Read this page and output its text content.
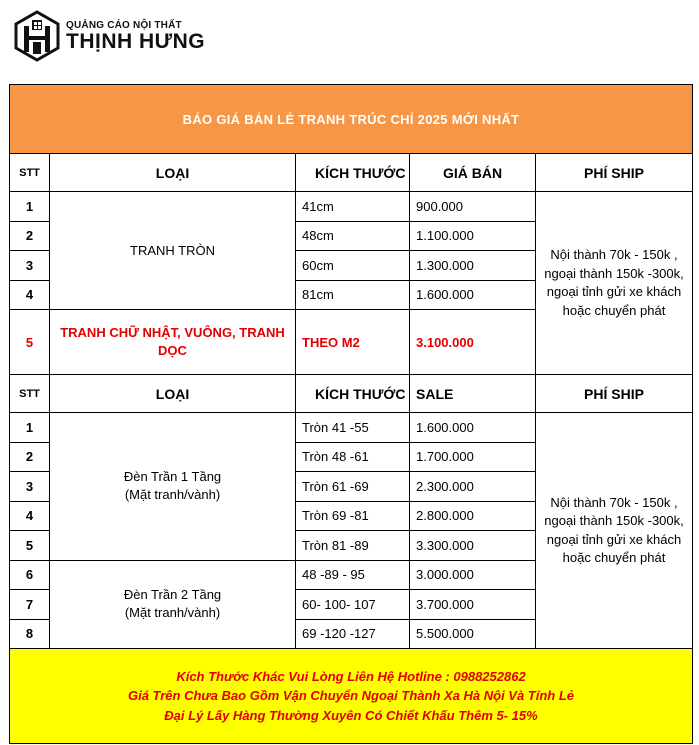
QUẢNG CÁO NỘI THẤT
THỊNH HƯNG
BÁO GIÁ BÁN LẺ TRANH TRÚC CHỈ 2025 MỚI NHẤT				
STT	LOẠI	KÍCH THƯỚC	GIÁ BÁN	PHÍ SHIP
1	TRANH TRÒN	41cm	900.000	Nội thành 70k - 150k , ngoại thành 150k -300k, ngoại tỉnh gửi xe khách hoặc chuyển phát
2		48cm	1.100.000	
3		60cm	1.300.000	
4		81cm	1.600.000	
5	TRANH CHỮ NHẬT, VUÔNG, TRANH DỌC	THEO M2	3.100.000	
STT	LOẠI	KÍCH THƯỚC	SALE	PHÍ SHIP
1	Đèn Trần 1 Tầng
(Mặt tranh/vành)	Tròn 41 -55	1.600.000	Nội thành 70k - 150k , ngoại thành 150k -300k, ngoại tỉnh gửi xe khách hoặc chuyển phát
2		Tròn 48 -61	1.700.000	
3		Tròn 61 -69	2.300.000	
4		Tròn 69 -81	2.800.000	
5		Tròn 81 -89	3.300.000	
6	Đèn Trần 2 Tầng
(Mặt tranh/vành)	48 -89 - 95	3.000.000	
7		60- 100- 107	3.700.000	
8		69 -120 -127	5.500.000	

Kích Thước Khác Vui Lòng Liên Hệ Hotline : 0988252862
Giá Trên Chưa Bao Gồm Vận Chuyển Ngoại Thành Xa Hà Nội Và Tỉnh Lẻ
Đại Lý Lấy Hàng Thường Xuyên Có Chiết Khấu Thêm 5- 15%				
